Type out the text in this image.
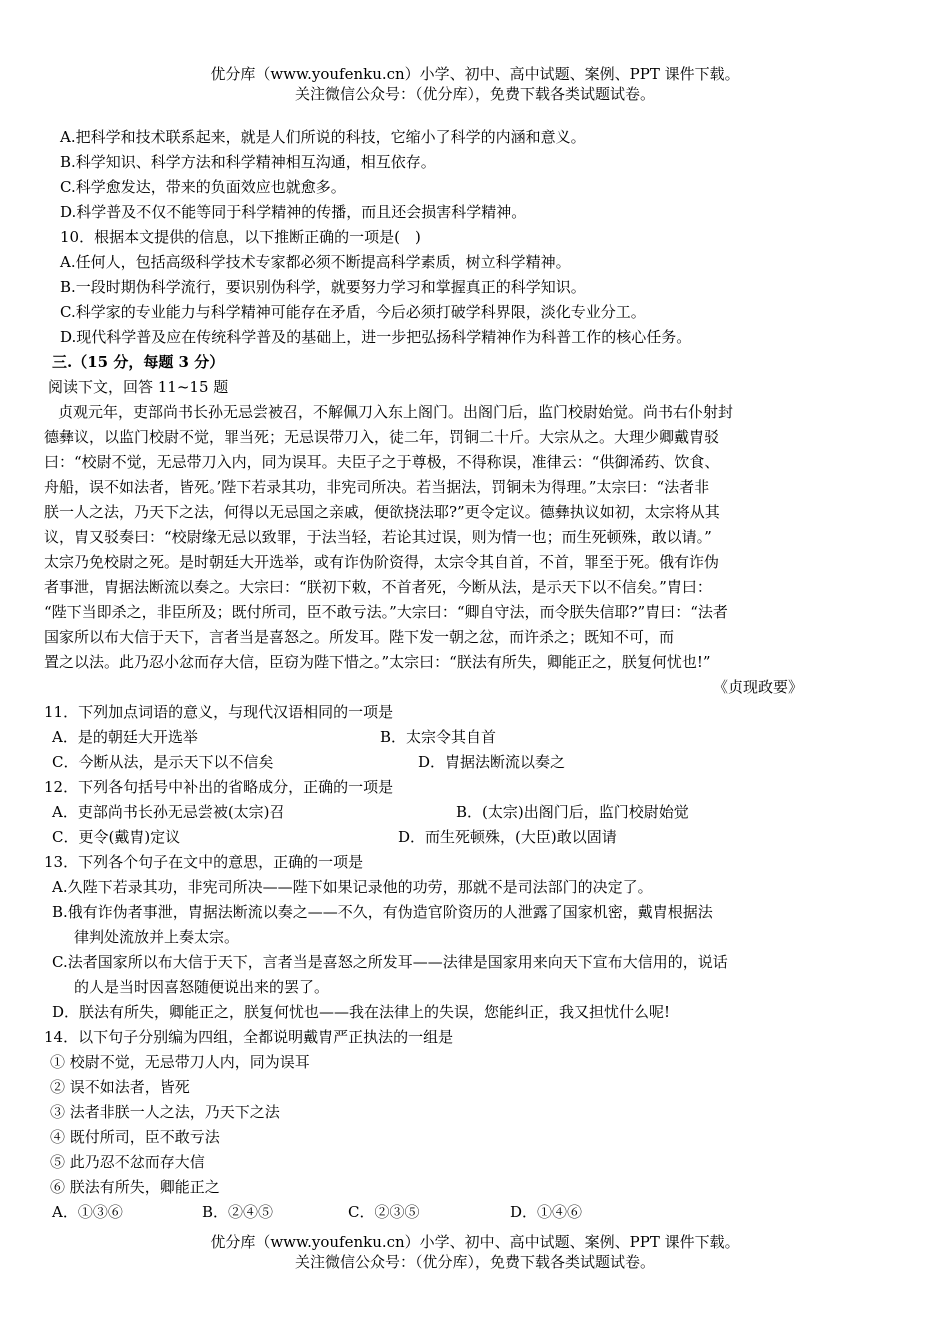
优分库（www.youfenku.cn）小学、初中、高中试题、案例、PPT 课件下载。
关注微信公众号：（优分库），免费下载各类试题试卷。
A.把科学和技术联系起来，就是人们所说的科技，它缩小了科学的内涵和意义。
B.科学知识、科学方法和科学精神相互沟通，相互依存。
C.科学愈发达，带来的负面效应也就愈多。
D.科学普及不仅不能等同于科学精神的传播，而且还会损害科学精神。
10．根据本文提供的信息，以下推断正确的一项是(　)
A.任何人，包括高级科学技术专家都必须不断提高科学素质，树立科学精神。
B.一段时期伪科学流行，要识别伪科学，就要努力学习和掌握真正的科学知识。
C.科学家的专业能力与科学精神可能存在矛盾，今后必须打破学科界限，淡化专业分工。
D.现代科学普及应在传统科学普及的基础上，进一步把弘扬科学精神作为科普工作的核心任务。
三.（15 分，每题 3 分）
阅读下文，回答 11~15 题
贞观元年，吏部尚书长孙无忌尝被召，不解佩刀入东上阁门。出阁门后，监门校尉始觉。尚书右仆射封
德彝议，以监门校尉不觉，罪当死；无忌误带刀入，徒二年，罚铜二十斤。大宗从之。大理少卿戴胄驳
曰：“校尉不觉，无忌带刀入内，同为误耳。夫臣子之于尊极，不得称误，准律云：“供御浠药、饮食、
舟船，误不如法者，皆死。’陛下若录其功，非宪司所决。若当据法，罚铜未为得理。”太宗曰：“法者非
朕一人之法，乃天下之法，何得以无忌国之亲戚，便欲挠法耶?”更令定议。德彝执议如初，太宗将从其
议，胄又驳奏曰：“校尉缘无忌以致罪，于法当轻，若论其过误，则为情一也；而生死顿殊，敢以请。”
太宗乃免校尉之死。是时朝廷大开选举，或有诈伪阶资得，太宗令其自首，不首，罪至于死。俄有诈伪
者事泄，胄据法断流以奏之。大宗曰：“朕初下敕，不首者死，今断从法，是示天下以不信矣。”胄曰：
“陛下当即杀之，非臣所及；既付所司，臣不敢亏法。”大宗曰：“卿自守法，而令朕失信耶?”胄曰：“法者
国家所以布大信于天下，言者当是喜怒之。所发耳。陛下发一朝之忿，而许杀之；既知不可，而
置之以法。此乃忍小忿而存大信，臣窃为陛下惜之。”太宗曰：“朕法有所失，卿能正之，朕复何忧也!”
《贞现政要》
11．下列加点词语的意义，与现代汉语相同的一项是
A．是的朝廷大开选举	B．太宗令其自首
C．今断从法，是示天下以不信矣	D．胄据法断流以奏之
12．下列各句括号中补出的省略成分，正确的一项是
A．吏部尚书长孙无忌尝被(太宗)召	B．(太宗)出阁门后，监门校尉始觉
C．更令(戴胄)定议	D．而生死顿殊，(大臣)敢以固请
13．下列各个句子在文中的意思，正确的一项是
A.久陛下若录其功，非宪司所决——陛下如果记录他的功劳，那就不是司法部门的决定了。
B.俄有诈伪者事泄，胄据法断流以奏之——不久，有伪造官阶资历的人泄露了国家机密，戴胄根据法
律判处流放并上奏太宗。
C.法者国家所以布大信于天下，言者当是喜怒之所发耳——法律是国家用来向天下宣布大信用的，说话
的人是当时因喜怒随便说出来的罢了。
D．朕法有所失，卿能正之，朕复何忧也——我在法律上的失误，您能纠正，我又担忧什么呢!
14．以下句子分别编为四组，全都说明戴胄严正执法的一组是
① 校尉不觉，无忌带刀人内，同为误耳
② 误不如法者，皆死
③ 法者非朕一人之法，乃天下之法
④ 既付所司，臣不敢亏法
⑤ 此乃忍不忿而存大信
⑥ 朕法有所失，卿能正之
A．①③⑥	B．②④⑤	C．②③⑤	D．①④⑥
优分库（www.youfenku.cn）小学、初中、高中试题、案例、PPT 课件下载。
关注微信公众号：（优分库），免费下载各类试题试卷。
